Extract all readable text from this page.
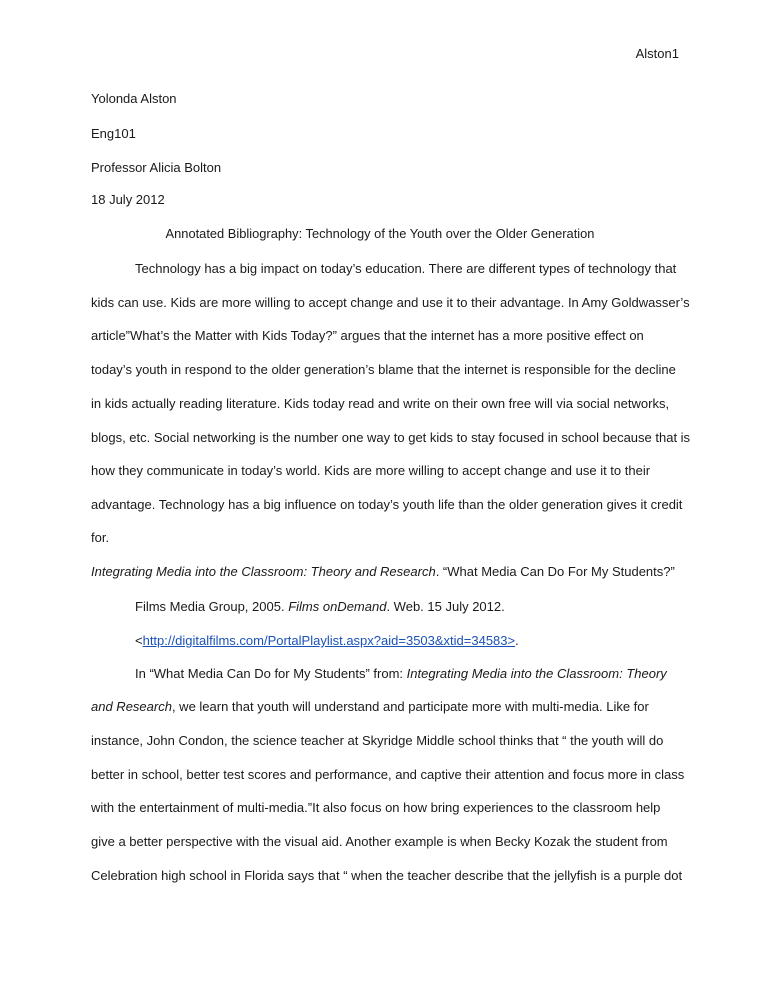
Alston1
Yolonda Alston
Eng101
Professor Alicia Bolton
18 July 2012
Annotated Bibliography: Technology of the Youth over the Older Generation
Technology has a big impact on today’s education. There are different types of technology that
kids can use. Kids are more willing to accept change and use it to their advantage. In Amy Goldwasser’s
article”What’s the Matter with Kids Today?” argues that the internet has a more positive effect on
today’s youth in respond to the older generation’s blame that the internet is responsible for the decline
in kids actually reading literature. Kids today read and write on their own free will via social networks,
blogs, etc. Social networking is the number one way to get kids to stay focused in school because that is
how they communicate in today’s world. Kids are more willing to accept change and use it to their
advantage. Technology has a big influence on today’s youth life than the older generation gives it credit
for.
Integrating Media into the Classroom: Theory and Research. “What Media Can Do For My Students?”
Films Media Group, 2005. Films onDemand. Web. 15 July 2012.
<http://digitalfilms.com/PortalPlaylist.aspx?aid=3503&xtid=34583>.
In “What Media Can Do for My Students” from: Integrating Media into the Classroom: Theory
and Research, we learn that youth will understand and participate more with multi-media. Like for
instance, John Condon, the science teacher at Skyridge Middle school thinks that “ the youth will do
better in school, better test scores and performance, and captive their attention and focus more in class
with the entertainment of multi-media.”It also focus on how bring experiences to the classroom help
give a better perspective with the visual aid. Another example is when Becky Kozak the student from
Celebration high school in Florida says that “ when the teacher describe that the jellyfish is a purple dot
